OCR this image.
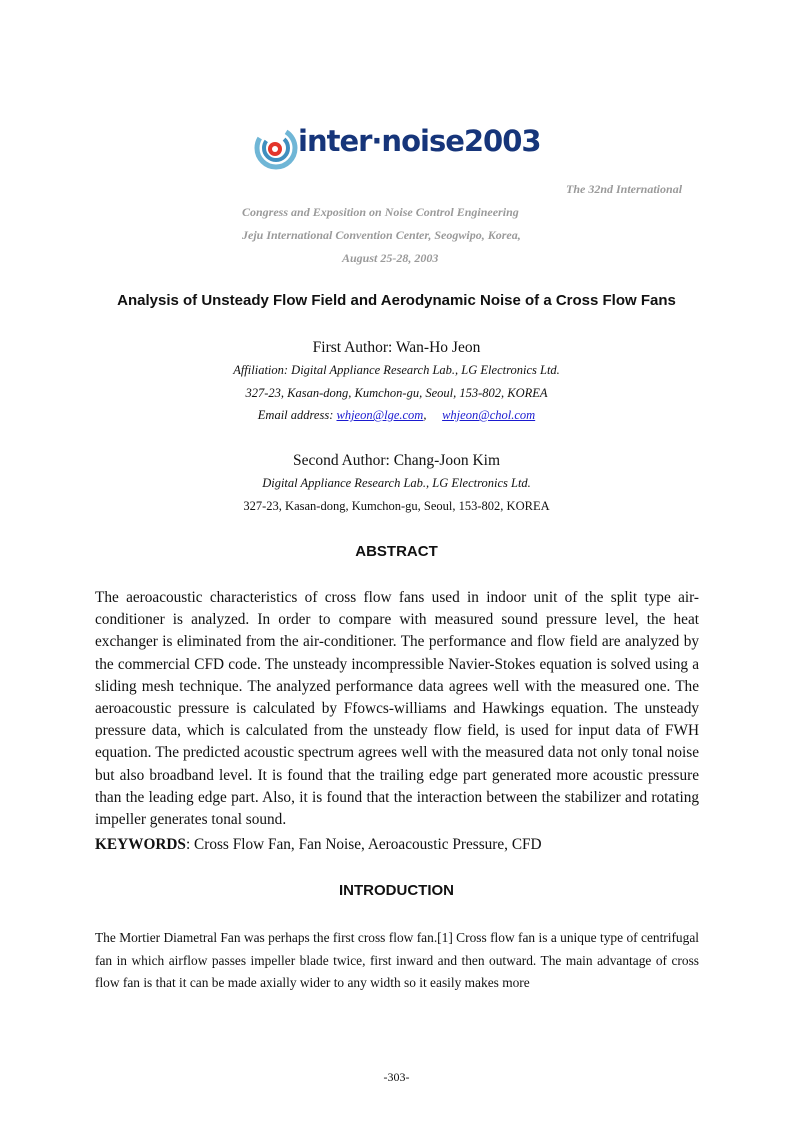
inter·noise2003
The 32nd International
Congress and Exposition on Noise Control Engineering
Jeju International Convention Center, Seogwipo, Korea,
August 25-28, 2003
Analysis of Unsteady Flow Field and Aerodynamic Noise of a Cross Flow Fans
First Author: Wan-Ho Jeon
Affiliation: Digital Appliance Research Lab., LG Electronics Ltd.
327-23, Kasan-dong, Kumchon-gu, Seoul, 153-802, KOREA
Email address: whjeon@lge.com, whjeon@chol.com
Second Author: Chang-Joon Kim
Digital Appliance Research Lab., LG Electronics Ltd.
327-23, Kasan-dong, Kumchon-gu, Seoul, 153-802, KOREA
ABSTRACT
The aeroacoustic characteristics of cross flow fans used in indoor unit of the split type air-conditioner is analyzed. In order to compare with measured sound pressure level, the heat exchanger is eliminated from the air-conditioner. The performance and flow field are analyzed by the commercial CFD code. The unsteady incompressible Navier-Stokes equation is solved using a sliding mesh technique. The analyzed performance data agrees well with the measured one. The aeroacoustic pressure is calculated by Ffowcs-williams and Hawkings equation. The unsteady pressure data, which is calculated from the unsteady flow field, is used for input data of FWH equation. The predicted acoustic spectrum agrees well with the measured data not only tonal noise but also broadband level. It is found that the trailing edge part generated more acoustic pressure than the leading edge part. Also, it is found that the interaction between the stabilizer and rotating impeller generates tonal sound.
KEYWORDS: Cross Flow Fan, Fan Noise, Aeroacoustic Pressure, CFD
INTRODUCTION
The Mortier Diametral Fan was perhaps the first cross flow fan.[1] Cross flow fan is a unique type of centrifugal fan in which airflow passes impeller blade twice, first inward and then outward. The main advantage of cross flow fan is that it can be made axially wider to any width so it easily makes more
-303-
